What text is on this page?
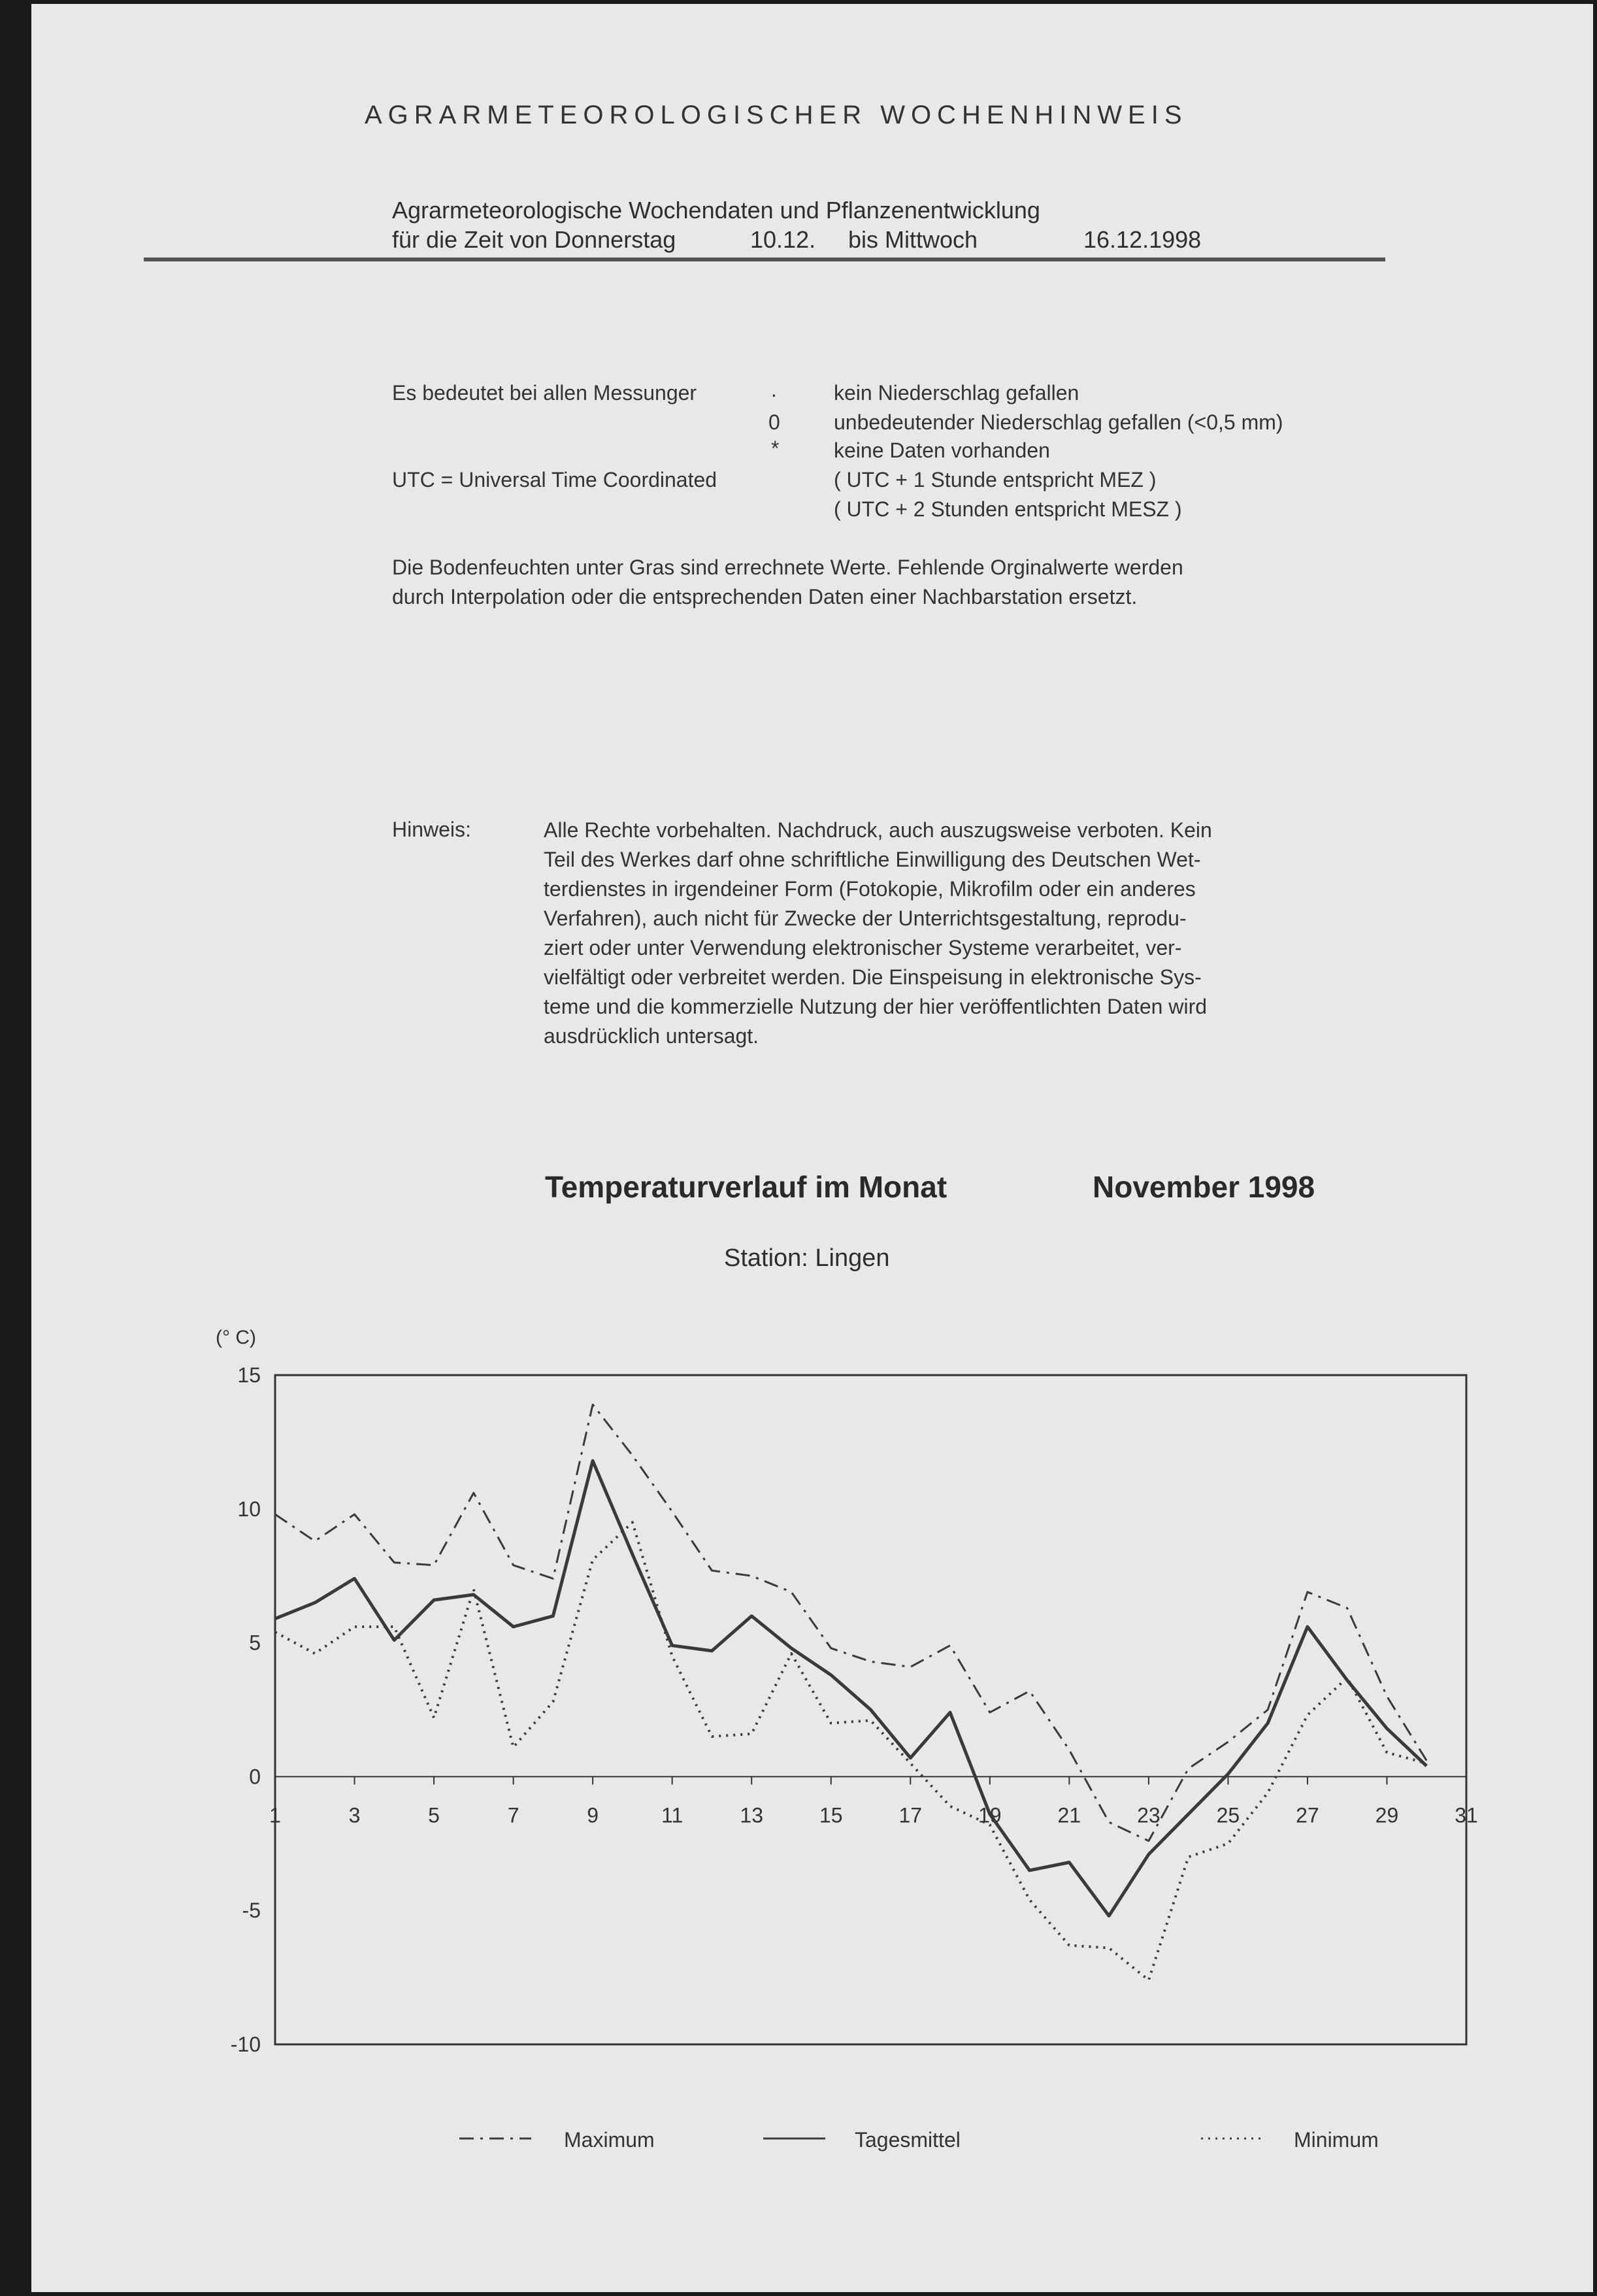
AGRARMETEOROLOGISCHER WOCHENHINWEIS
Agrarmeteorologische Wochendaten und Pflanzenentwicklung
für die Zeit von Donnerstag	10.12. bis Mittwoch	16.12.1998
Es bedeutet bei allen Messunger	.	kein Niederschlag gefallen
0	unbedeutender Niederschlag gefallen (<0,5 mm)
*	keine Daten vorhanden
UTC = Universal Time Coordinated	( UTC + 1 Stunde entspricht MEZ )
( UTC + 2 Stunden entspricht MESZ )
Die Bodenfeuchten unter Gras sind errechnete Werte. Fehlende Orginalwerte werden
durch Interpolation oder die entsprechenden Daten einer Nachbarstation ersetzt.
Hinweis:	Alle Rechte vorbehalten. Nachdruck, auch auszugsweise verboten. Kein
Teil des Werkes darf ohne schriftliche Einwilligung des Deutschen Wet-
terdienstes in irgendeiner Form (Fotokopie, Mikrofilm oder ein anderes
Verfahren), auch nicht für Zwecke der Unterrichtsgestaltung, reprodu-
ziert oder unter Verwendung elektronischer Systeme verarbeitet, ver-
vielfältigt oder verbreitet werden. Die Einspeisung in elektronische Sys-
teme und die kommerzielle Nutzung der hier veröffentlichten Daten wird
ausdrücklich untersagt.
Temperaturverlauf im Monat	November 1998
Station: Lingen
(° C)
15
10
5
0
-5
-10
1	3	5	7	9	11	13	15	17	19	21	23	25	27	29	31
Maximum	Tagesmittel	Minimum
